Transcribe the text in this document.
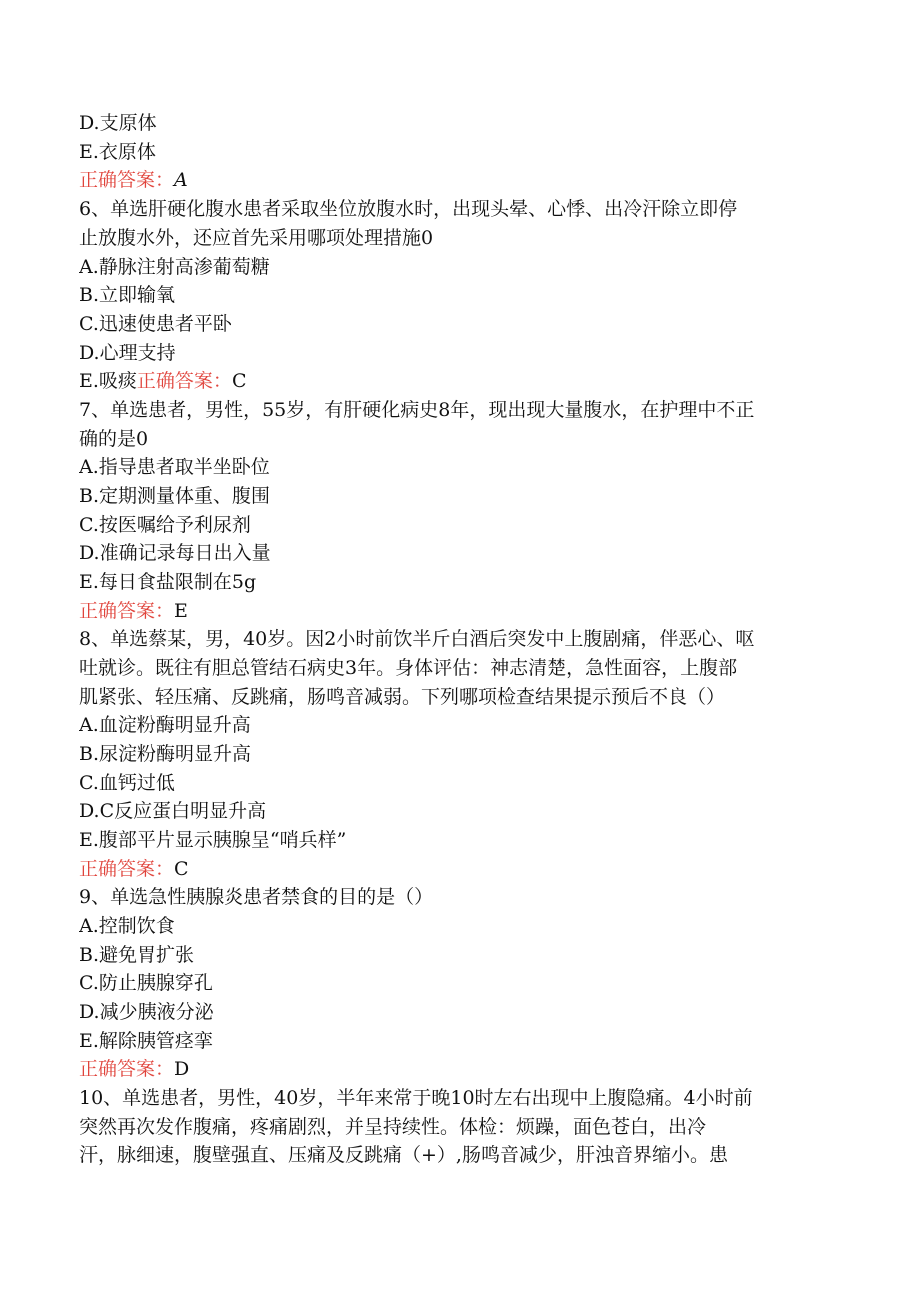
D.支原体
E.衣原体
正确答案：A
6、单选肝硬化腹水患者采取坐位放腹水时，出现头晕、心悸、出冷汗除立即停
止放腹水外，还应首先采用哪项处理措施0
A.静脉注射高渗葡萄糖
B.立即输氧
C.迅速使患者平卧
D.心理支持
E.吸痰正确答案：C
7、单选患者，男性，55岁，有肝硬化病史8年，现出现大量腹水，在护理中不正
确的是0
A.指导患者取半坐卧位
B.定期测量体重、腹围
C.按医嘱给予利尿剂
D.准确记录每日出入量
E.每日食盐限制在5g
正确答案：E
8、单选蔡某，男，40岁。因2小时前饮半斤白酒后突发中上腹剧痛，伴恶心、呕
吐就诊。既往有胆总管结石病史3年。身体评估：神志清楚，急性面容，上腹部
肌紧张、轻压痛、反跳痛，肠鸣音减弱。下列哪项检查结果提示预后不良（）
A.血淀粉酶明显升高
B.尿淀粉酶明显升高
C.血钙过低
D.C反应蛋白明显升高
E.腹部平片显示胰腺呈“哨兵样”
正确答案：C
9、单选急性胰腺炎患者禁食的目的是（）
A.控制饮食
B.避免胃扩张
C.防止胰腺穿孔
D.减少胰液分泌
E.解除胰管痉挛
正确答案：D
10、单选患者，男性，40岁，半年来常于晚10时左右出现中上腹隐痛。4小时前
突然再次发作腹痛，疼痛剧烈，并呈持续性。体检：烦躁，面色苍白，出冷
汗，脉细速，腹壁强直、压痛及反跳痛（+）,肠鸣音减少，肝浊音界缩小。患
